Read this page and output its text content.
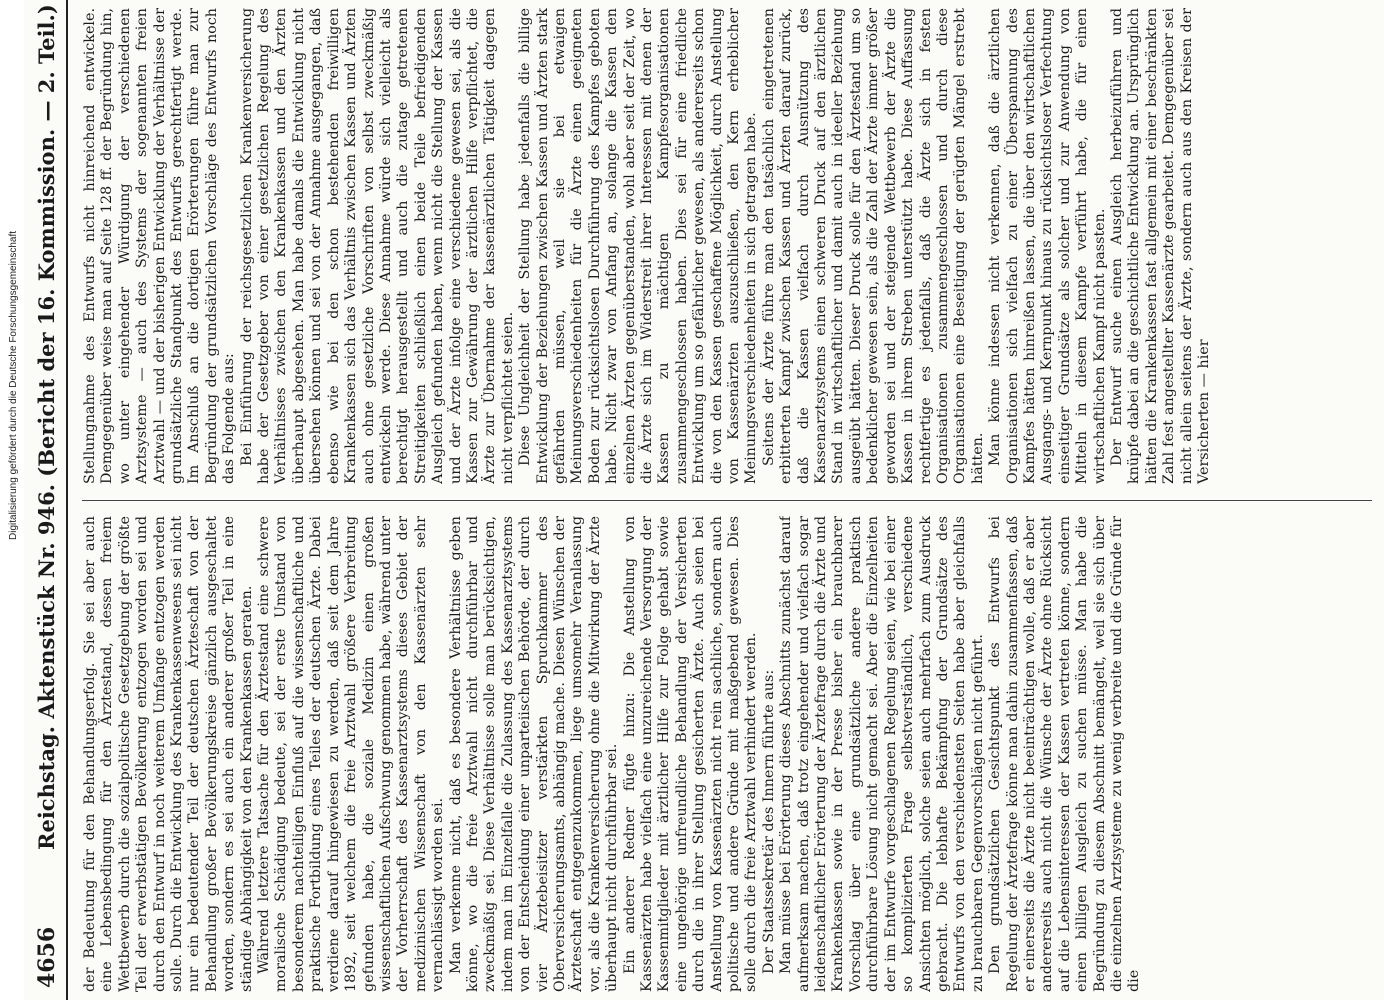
Digitalisierung gefördert durch die Deutsche Forschungsgemeinschaft
4656
Reichstag. Aktenstück Nr. 946. (Bericht der 16. Kommission. — 2. Teil.) der Bedeutung für den Behandlungserfolg. Sie sei aber auch eine Lebensbedingung für den Ärztestand, dessen freiem Wettbewerb durch die sozialpolitische Gesetzgebung der größte Teil der erwerbstätigen Bevölkerung entzogen worden sei und durch den Entwurf in noch weiterem Umfange entzogen werden solle. Durch die Entwicklung des Krankenkassenwesens sei nicht nur ein bedeutender Teil der deutschen Ärzteschaft von der Behandlung großer Bevölkerungskreise gänzlich ausgeschaltet worden, sondern es sei auch ein anderer großer Teil in eine ständige Abhängigkeit von den Krankenkassen geraten. Während letztere Tatsache für den Ärztestand eine schwere moralische Schädigung bedeute, sei der erste Umstand von besonderem nachteiligen Einfluß auf die wissenschaftliche und praktische Fortbildung eines Teiles der deutschen Ärzte. Dabei verdiene darauf hingewiesen zu werden, daß seit dem Jahre 1892, seit welchem die freie Arztwahl größere Verbreitung gefunden habe, die soziale Medizin einen großen wissenschaftlichen Aufschwung genommen habe, während unter der Vorherrschaft des Kassenarztsystems dieses Gebiet der medizinischen Wissenschaft von den Kassenärzten sehr vernachlässigt worden sei. Man verkenne nicht, daß es besondere Verhältnisse geben könne, wo die freie Arztwahl nicht durchführbar und zweckmäßig sei. Diese Verhältnisse solle man berücksichtigen, indem man im Einzelfalle die Zulassung des Kassenarztsystems von der Entscheidung einer unparteiischen Behörde, der durch vier Ärztebeisitzer verstärkten Spruchkammer des Oberversicherungsamts, abhängig mache. Diesen Wünschen der Ärzteschaft entgegenzukommen, liege umsomehr Veranlassung vor, als die Krankenversicherung ohne die Mitwirkung der Ärzte überhaupt nicht durchführbar sei. Ein anderer Redner fügte hinzu: Die Anstellung von Kassenärzten habe vielfach eine unzureichende Versorgung der Kassenmitglieder mit ärztlicher Hilfe zur Folge gehabt sowie eine ungehörige unfreundliche Behandlung der Versicherten durch die in ihrer Stellung gesicherten Ärzte. Auch seien bei Anstellung von Kassenärzten nicht rein sachliche, sondern auch politische und andere Gründe mit maßgebend gewesen. Dies solle durch die freie Arztwahl verhindert werden. Der Staatssekretär des Innern führte aus: Man müsse bei Erörterung dieses Abschnitts zunächst darauf aufmerksam machen, daß trotz eingehender und vielfach sogar leidenschaftlicher Erörterung der Ärztefrage durch die Ärzte und Krankenkassen sowie in der Presse bisher ein brauchbarer Vorschlag über eine grundsätzliche andere praktisch durchführbare Lösung nicht gemacht sei. Aber die Einzelheiten der im Entwurfe vorgeschlagenen Regelung seien, wie bei einer so komplizierten Frage selbstverständlich, verschiedene Ansichten möglich, solche seien auch mehrfach zum Ausdruck gebracht. Die lebhafte Bekämpfung der Grundsätze des Entwurfs von den verschiedensten Seiten habe aber gleichfalls zu brauchbaren Gegenvorschlägen nicht geführt. Den grundsätzlichen Gesichtspunkt des Entwurfs bei Regelung der Ärztefrage könne man dahin zusammenfassen, daß er einerseits die Ärzte nicht beeinträchtigen wolle, daß er aber andererseits auch nicht die Wünsche der Ärzte ohne Rücksicht auf die Lebensinteressen der Kassen vertreten könne, sondern einen billigen Ausgleich zu suchen müsse. Man habe die Begründung zu diesem Abschnitt bemängelt, weil sie sich über die einzelnen Arztsysteme zu wenig verbreite und die Gründe für die

Stellungnahme des Entwurfs nicht hinreichend entwickele. Demgegenüber weise man auf Seite 128 ff. der Begründung hin, wo unter eingehender Würdigung der verschiedenen Arztsysteme — auch des Systems der sogenannten freien Arztwahl — und der bisherigen Entwicklung der Verhältnisse der grundsätzliche Standpunkt des Entwurfs gerechtfertigt werde. Im Anschluß an die dortigen Erörterungen führe man zur Begründung der grundsätzlichen Vorschläge des Entwurfs noch das Folgende aus: Bei Einführung der reichsgesetzlichen Krankenversicherung habe der Gesetzgeber von einer gesetzlichen Regelung des Verhältnisses zwischen den Krankenkassen und den Ärzten überhaupt abgesehen. Man habe damals die Entwicklung nicht übersehen können und sei von der Annahme ausgegangen, daß ebenso wie bei den schon bestehenden freiwilligen Krankenkassen sich das Verhältnis zwischen Kassen und Ärzten auch ohne gesetzliche Vorschriften von selbst zweckmäßig entwickeln werde. Diese Annahme würde sich vielleicht als berechtigt herausgestellt und auch die zutage getretenen Streitigkeiten schließlich einen beide Teile befriedigenden Ausgleich gefunden haben, wenn nicht die Stellung der Kassen und der Ärzte infolge eine verschiedene gewesen sei, als die Kassen zur Gewährung der ärztlichen Hilfe verpflichtet, die Ärzte zur Übernahme der kassenärztlichen Tätigkeit dagegen nicht verpflichtet seien. Diese Ungleichheit der Stellung habe jedenfalls die billige Entwicklung der Beziehungen zwischen Kassen und Ärzten stark gefährden müssen, weil sie bei etwaigen Meinungsverschiedenheiten für die Ärzte einen geeigneten Boden zur rücksichtslosen Durchführung des Kampfes geboten habe. Nicht zwar von Anfang an, solange die Kassen den einzelnen Ärzten gegenüberstanden, wohl aber seit der Zeit, wo die Ärzte sich im Widerstreit ihrer Interessen mit denen der Kassen zu mächtigen Kampfesorganisationen zusammengeschlossen haben. Dies sei für eine friedliche Entwicklung um so gefährlicher gewesen, als andererseits schon die von den Kassen geschaffene Möglichkeit, durch Anstellung von Kassenärzten auszuschließen, den Kern erheblicher Meinungsverschiedenheiten in sich getragen habe. Seitens der Ärzte führe man den tatsächlich eingetretenen erbitterten Kampf zwischen Kassen und Ärzten darauf zurück, daß die Kassen vielfach durch Ausnützung des Kassenarztsystems einen schweren Druck auf den ärztlichen Stand in wirtschaftlicher und damit auch in ideeller Beziehung ausgeübt hätten. Dieser Druck solle für den Ärztestand um so bedenklicher gewesen sein, als die Zahl der Ärzte immer größer geworden sei und der steigende Wettbewerb der Ärzte die Kassen in ihrem Streben unterstützt habe. Diese Auffassung rechtfertige es jedenfalls, daß die Ärzte sich in festen Organisationen zusammengeschlossen und durch diese Organisationen eine Beseitigung der gerügten Mängel erstrebt hätten. Man könne indessen nicht verkennen, daß die ärztlichen Organisationen sich vielfach zu einer Überspannung des Kampfes hätten hinreißen lassen, die über den wirtschaftlichen Ausgangs- und Kernpunkt hinaus zu rücksichtsloser Verfechtung einseitiger Grundsätze als solcher und zur Anwendung von Mitteln in diesem Kampfe verführt habe, die für einen wirtschaftlichen Kampf nicht passten. Der Entwurf suche einen Ausgleich herbeizuführen und knüpfe dabei an die geschichtliche Entwicklung an. Ursprünglich hätten die Krankenkassen fast allgemein mit einer beschränkten Zahl fest angestellter Kassenärzte gearbeitet. Demgegenüber sei nicht allein seitens der Ärzte, sondern auch aus den Kreisen der Versicherten — hier
